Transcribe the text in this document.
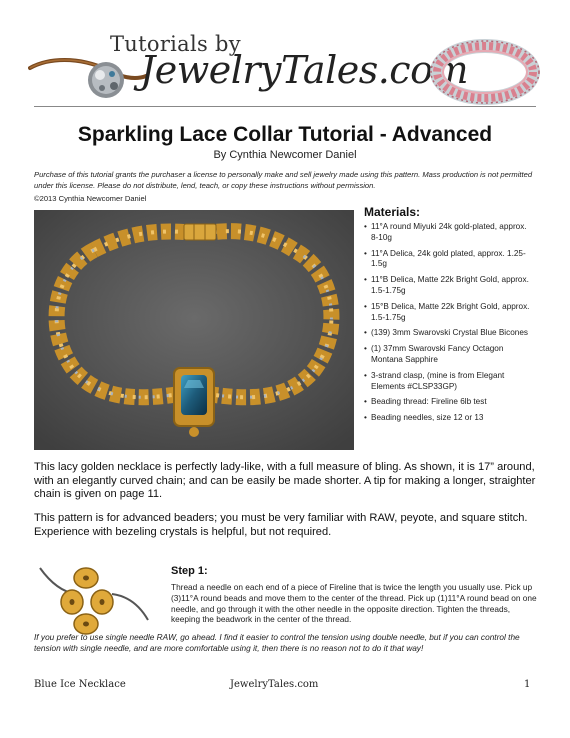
Tutorials by
JewelryTales.com
Sparkling Lace Collar Tutorial - Advanced
By Cynthia Newcomer Daniel
Purchase of this tutorial grants the purchaser a license to personally make and sell jewelry made using this pattern. Mass production is not permitted under this license. Please do not distribute, lend, teach, or copy these instructions without permission.
©2013 Cynthia Newcomer Daniel
Materials:
• 11°A round Miyuki 24k gold-plated, approx. 8-10g
• 11°A Delica, 24k gold plated, approx. 1.25-1.5g
• 11°B Delica, Matte 22k Bright Gold, approx. 1.5-1.75g
• 15°B Delica, Matte 22k Bright Gold, approx. 1.5-1.75g
• (139) 3mm Swarovski Crystal Blue Bicones
• (1) 37mm Swarovski Fancy Octagon Montana Sapphire
• 3-strand clasp, (mine is from Elegant Elements #CLSP33GP)
• Beading thread: Fireline 6lb test
• Beading needles, size 12 or 13
This lacy golden necklace is perfectly lady-like, with a full measure of bling. As shown, it is 17” around, with an elegantly curved chain; and can be easily be made shorter. A tip for making a longer, straighter chain is given on page 11.
This pattern is for advanced beaders; you must be very familiar with RAW, peyote, and square stitch. Experience with bezeling crystals is helpful, but not required.
Step 1:
Thread a needle on each end of a piece of Fireline that is twice the length you usually use. Pick up (3)11°A round beads and move them to the center of the thread. Pick up (1)11°A round bead on one needle, and go through it with the other needle in the opposite direction. Tighten the threads, keeping the beadwork in the center of the thread.
If you prefer to use single needle RAW, go ahead. I find it easier to control the tension using double needle, but if you can control the tension with single needle, and are more comfortable using it, then there is no reason not to do it that way!
Blue Ice Necklace	JewelryTales.com	1
